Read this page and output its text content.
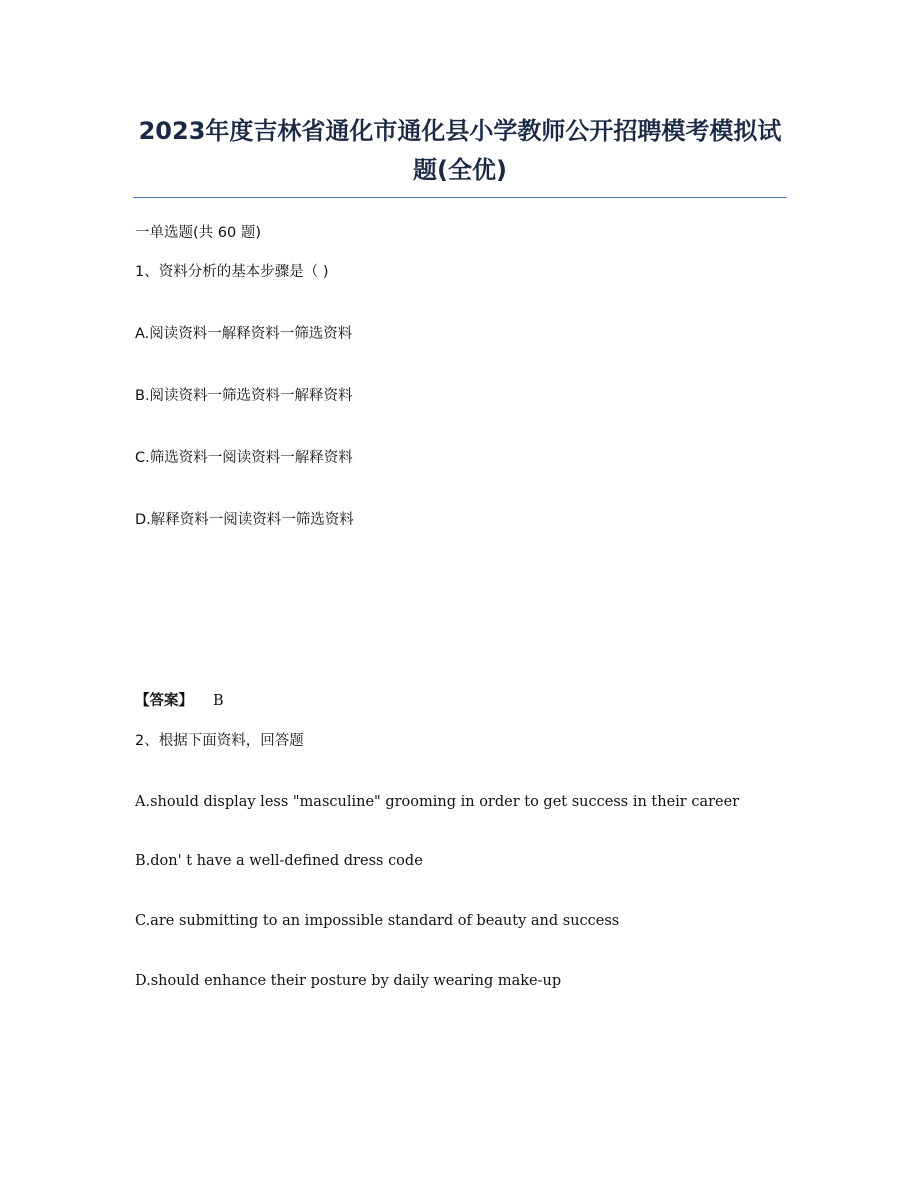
2023年度吉林省通化市通化县小学教师公开招聘模考模拟试题(全优)
一单选题(共 60 题)
1、资料分析的基本步骤是（ )
A.阅读资料一解释资料一筛选资料
B.阅读资料一筛选资料一解释资料
C.筛选资料一阅读资料一解释资料
D.解释资料一阅读资料一筛选资料
【答案】 B
2、根据下面资料，回答题
A.should display less "masculine" grooming in order to get success in their career
B.don' t have a well-defined dress code
C.are submitting to an impossible standard of beauty and success
D.should enhance their posture by daily wearing make-up
